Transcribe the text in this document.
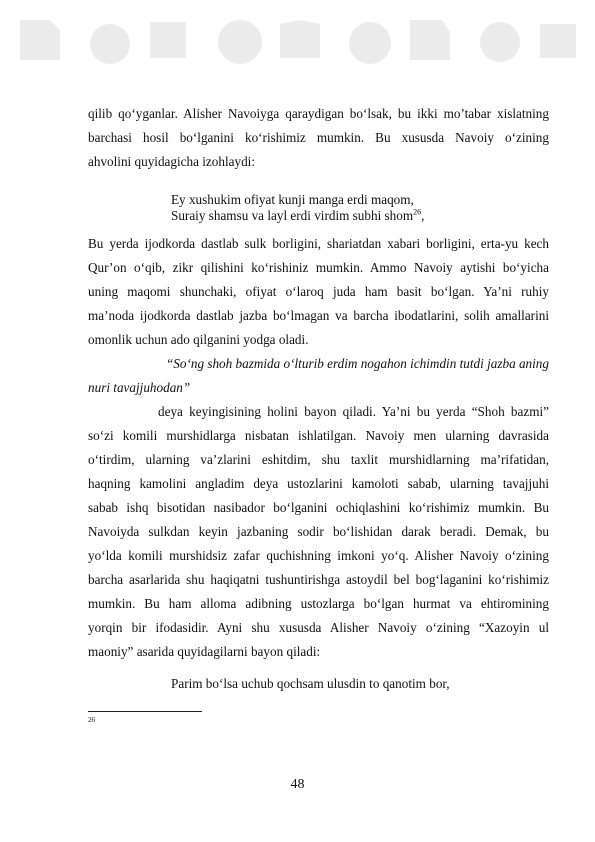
qilib qo‘yganlar. Alisher Navoiyga qaraydigan bo‘lsak, bu ikki mo’tabar xislatning
barchasi hosil bo‘lganini ko‘rishimiz mumkin. Bu xususda Navoiy o‘zining
ahvolini quyidagicha izohlaydi:
Ey xushukim ofiyat kunji manga erdi maqom,
Suraiy shamsu va layl erdi virdim subhi shom$^{26}$,
Bu yerda ijodkorda dastlab sulk borligini, shariatdan xabari borligini, erta-yu kech
Qur’on o‘qib, zikr qilishini ko‘rishiniz mumkin. Ammo Navoiy aytishi bo‘yicha
uning maqomi shunchaki, ofiyat o‘laroq juda ham basit bo‘lgan. Ya’ni ruhiy
ma’noda ijodkorda dastlab jazba bo‘lmagan va barcha ibodatlarini, solih amallarini
omonlik uchun ado qilganini yodga oladi.
“So‘ng shoh bazmida o‘lturib erdim nogahon ichimdin tutdi jazba aning
nuri tavajjuhodan”
deya keyingisining holini bayon qiladi. Ya’ni bu yerda “Shoh bazmi”
so‘zi komili murshidlarga nisbatan ishlatilgan. Navoiy men ularning davrasida
o‘tirdim, ularning va’zlarini eshitdim, shu taxlit murshidlarning ma’rifatidan,
haqning kamolini angladim deya ustozlarini kamoloti sabab, ularning tavajjuhi
sabab ishq bisotidan nasibador bo‘lganini ochiqlashini ko‘rishimiz mumkin. Bu
Navoiyda sulkdan keyin jazbaning sodir bo‘lishidan darak beradi. Demak, bu
yo‘lda komili murshidsiz zafar quchishning imkoni yo‘q. Alisher Navoiy o‘zining
barcha asarlarida shu haqiqatni tushuntirishga astoydil bel bog‘laganini ko‘rishimiz
mumkin. Bu ham alloma adibning ustozlarga bo‘lgan hurmat va ehtiromining
yorqin bir ifodasidir. Ayni shu xususda Alisher Navoiy o‘zining “Xazoyin ul
maoniy” asarida quyidagilarni bayon qiladi:
Parim bo‘lsa uchub qochsam ulusdin to qanotim bor,
26
48
